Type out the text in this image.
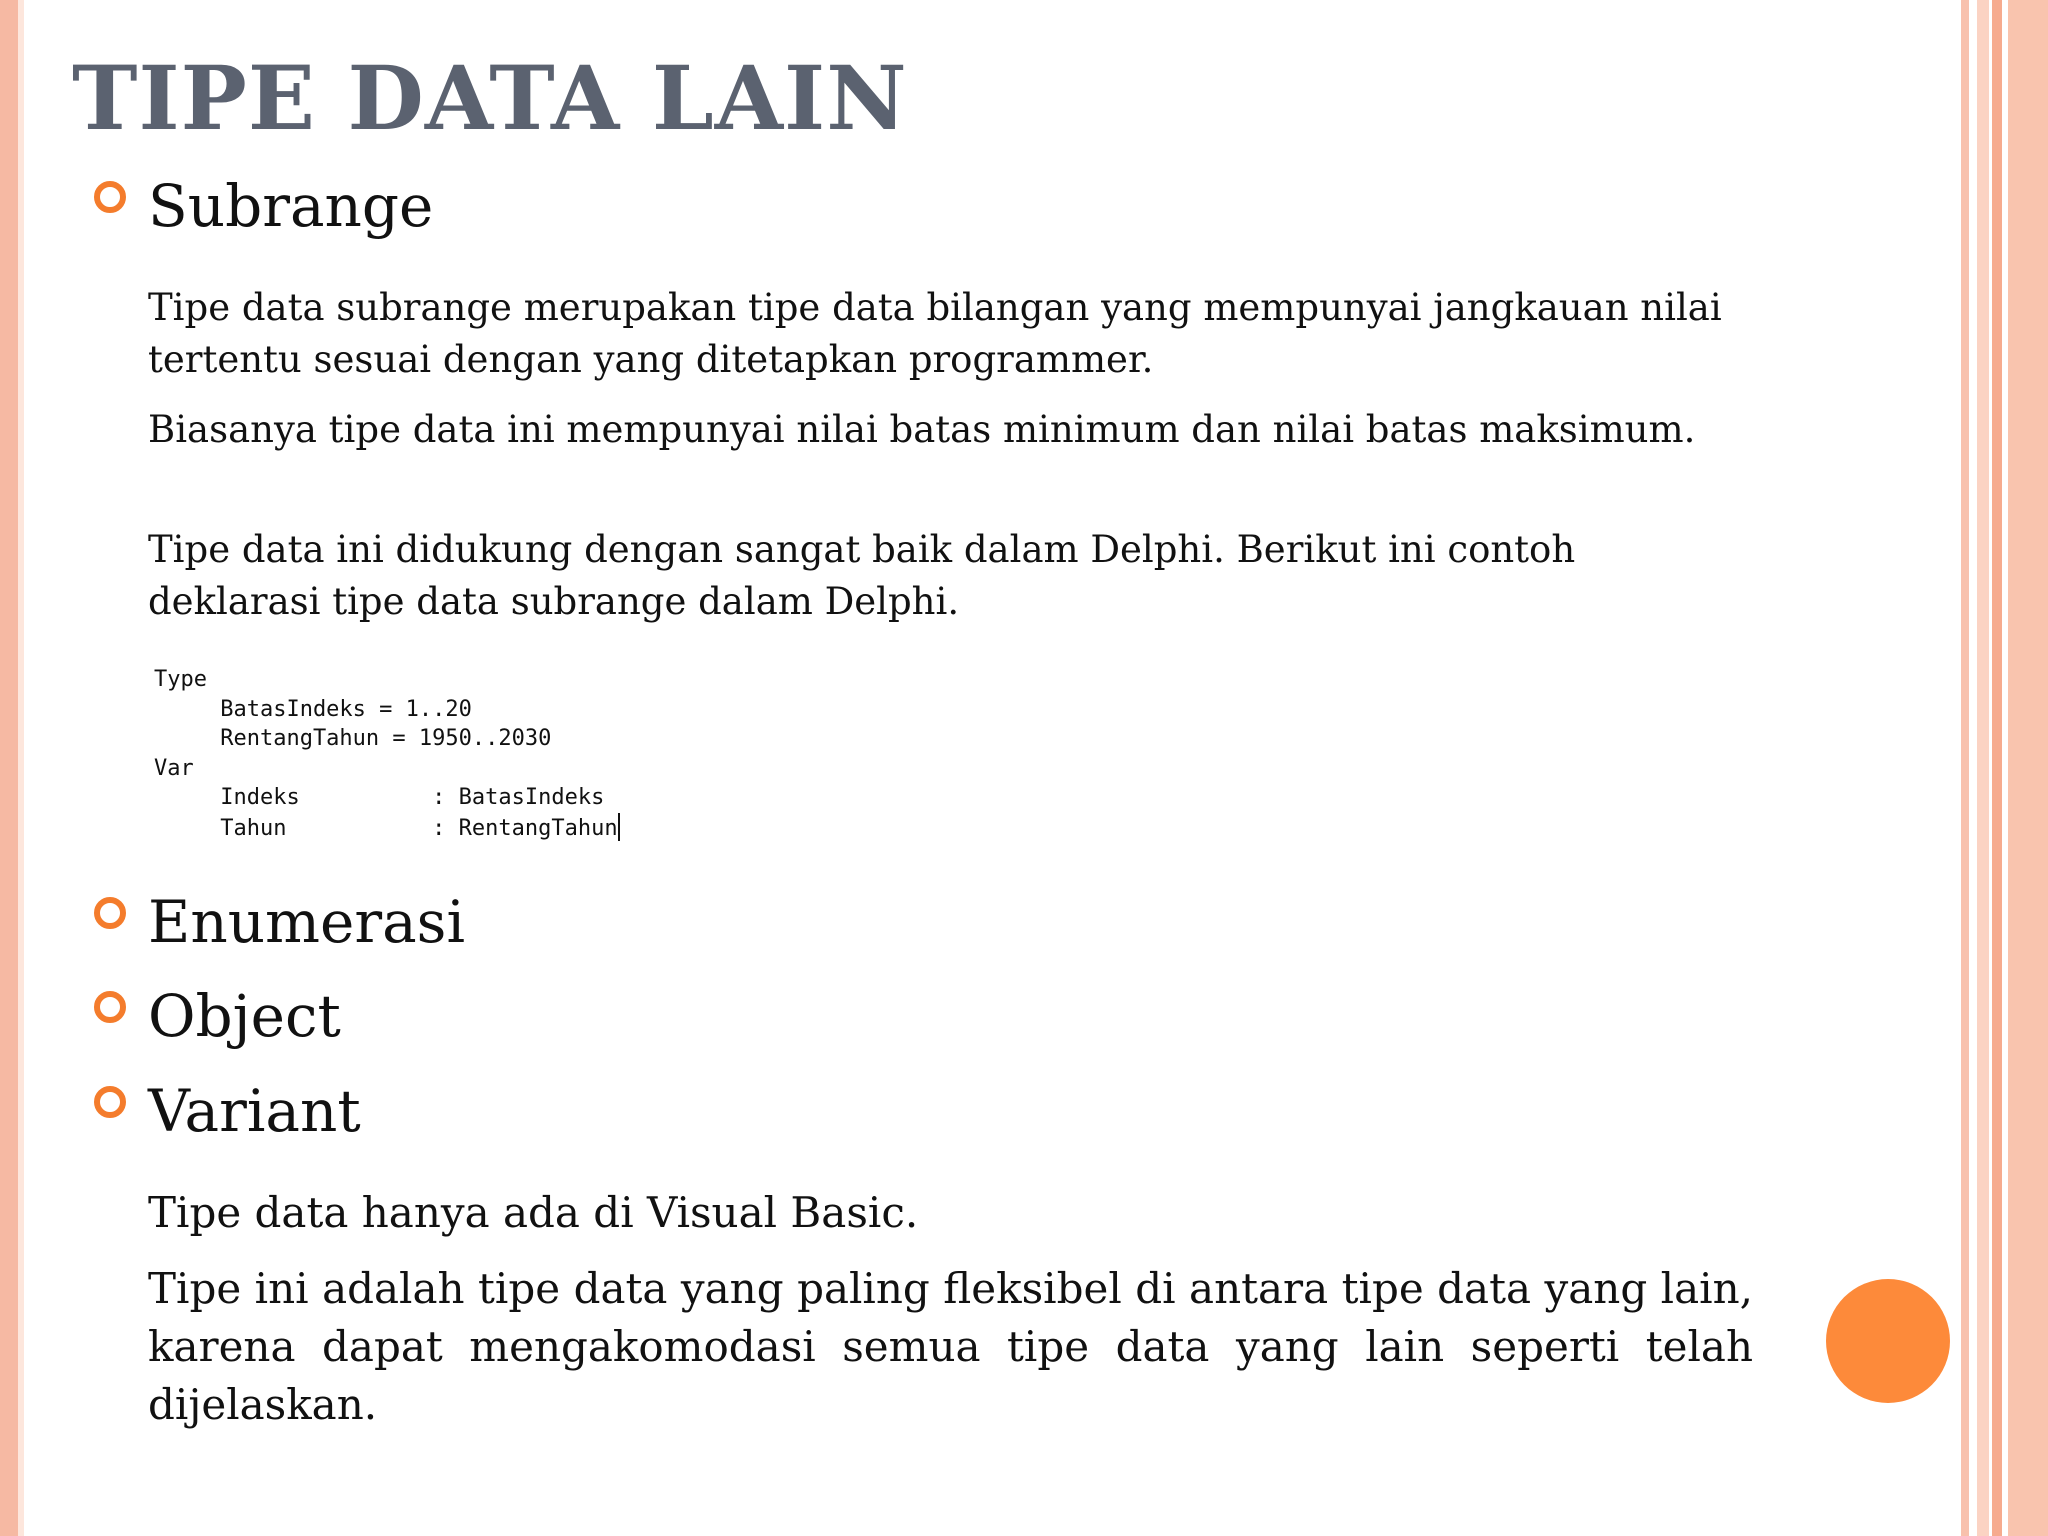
TIPE DATA LAIN
Subrange

Tipe data subrange merupakan tipe data bilangan yang mempunyai jangkauan nilai tertentu sesuai dengan yang ditetapkan programmer.

Biasanya tipe data ini mempunyai nilai batas minimum dan nilai batas maksimum.

Tipe data ini didukung dengan sangat baik dalam Delphi. Berikut ini contoh deklarasi tipe data subrange dalam Delphi.

Type
BatasIndeks = 1..20
RentangTahun = 1950..2030
Var
Indeks          : BatasIndeks
Tahun           : RentangTahun
Enumerasi
Object
Variant

Tipe data hanya ada di Visual Basic.

Tipe ini adalah tipe data yang paling fleksibel di antara tipe data yang lain, karena dapat mengakomodasi semua tipe data yang lain seperti telah dijelaskan.
